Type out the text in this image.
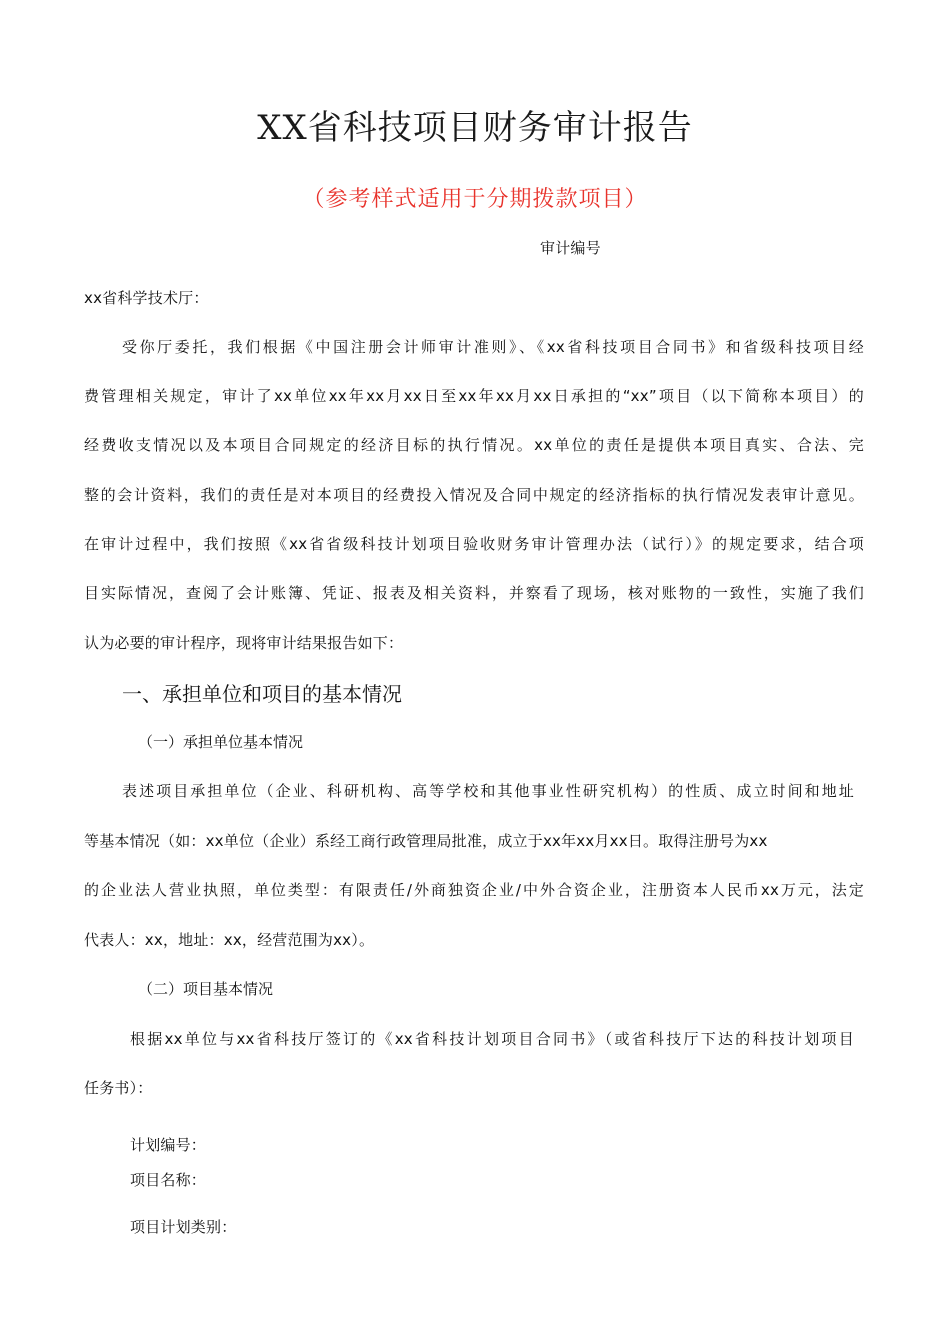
XX省科技项目财务审计报告
（参考样式适用于分期拨款项目）
审计编号
xx省科学技术厅：
受你厅委托，我们根据《中国注册会计师审计准则》、《xx省科技项目合同书》和省级科技项目经
费管理相关规定，审计了xx单位xx年xx月xx日至xx年xx月xx日承担的“xx”项目（以下简称本项目）的
经费收支情况以及本项目合同规定的经济目标的执行情况。xx单位的责任是提供本项目真实、合法、完
整的会计资料，我们的责任是对本项目的经费投入情况及合同中规定的经济指标的执行情况发表审计意见。
在审计过程中，我们按照《xx省省级科技计划项目验收财务审计管理办法（试行）》的规定要求，结合项
目实际情况，查阅了会计账簿、凭证、报表及相关资料，并察看了现场，核对账物的一致性，实施了我们
认为必要的审计程序，现将审计结果报告如下：
一、承担单位和项目的基本情况
（一）承担单位基本情况
表述项目承担单位（企业、科研机构、高等学校和其他事业性研究机构）的性质、成立时间和地址
等基本情况（如：xx单位（企业）系经工商行政管理局批准，成立于xx年xx月xx日。取得注册号为xx
的企业法人营业执照，单位类型：有限责任/外商独资企业/中外合资企业，注册资本人民币xx万元，法定
代表人：xx，地址：xx，经营范围为xx）。
（二）项目基本情况
根据xx单位与xx省科技厅签订的《xx省科技计划项目合同书》（或省科技厅下达的科技计划项目
任务书）：
计划编号：
项目名称：
项目计划类别：
